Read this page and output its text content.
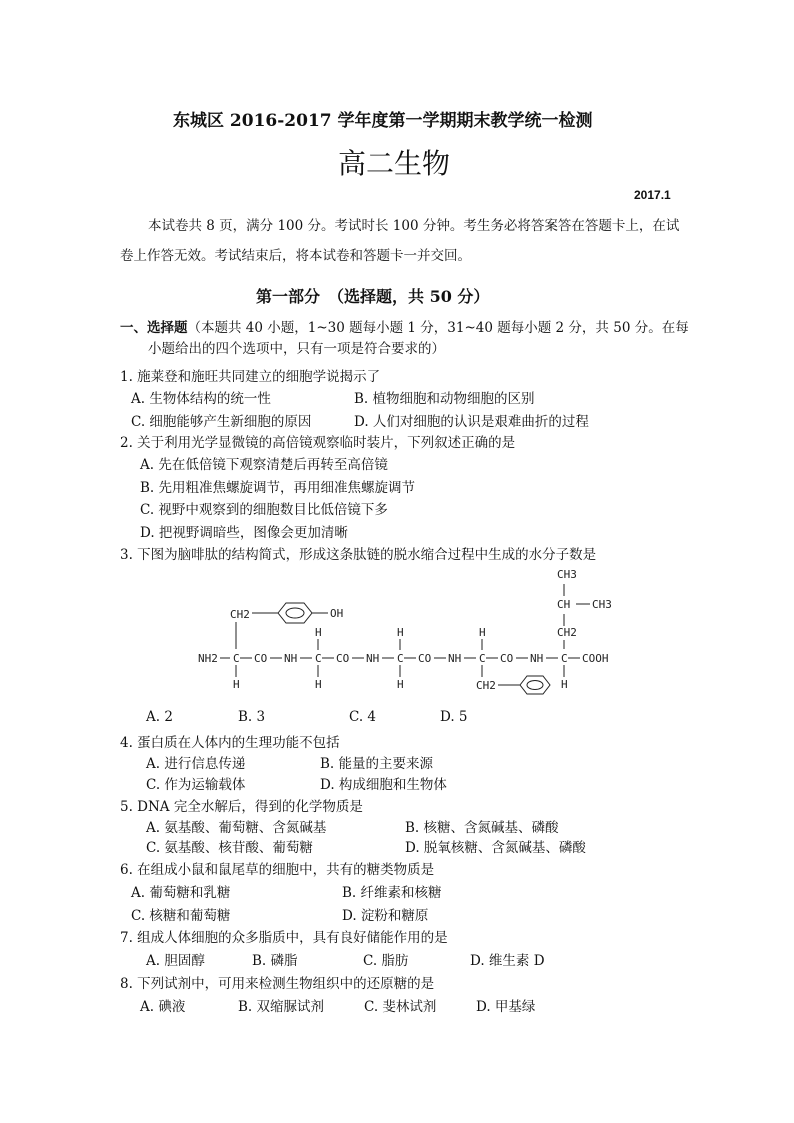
东城区 2016-2017 学年度第一学期期末教学统一检测
高二生物
2017.1
本试卷共 8 页，满分 100 分。考试时长 100 分钟。考生务必将答案答在答题卡上，在试
卷上作答无效。考试结束后，将本试卷和答题卡一并交回。
第一部分　（选择题，共 50 分）
一、选择题（本题共 40 小题，1~30 题每小题 1 分，31~40 题每小题 2 分，共 50 分。在每
小题给出的四个选项中，只有一项是符合要求的）
1. 施莱登和施旺共同建立的细胞学说揭示了
A. 生物体结构的统一性	B. 植物细胞和动物细胞的区别
C. 细胞能够产生新细胞的原因	D. 人们对细胞的认识是艰难曲折的过程
2. 关于利用光学显微镜的高倍镜观察临时装片，下列叙述正确的是
A. 先在低倍镜下观察清楚后再转至高倍镜
B. 先用粗准焦螺旋调节，再用细准焦螺旋调节
C. 视野中观察到的细胞数目比低倍镜下多
D. 把视野调暗些，图像会更加清晰
3. 下图为脑啡肽的结构简式，形成这条肽链的脱水缩合过程中生成的水分子数是
NH2 C CO NH C CO NH C CO NH C CO NH C COOH
H
CH2	OH
H
H
H
H
H
CH2	H
CH2
CH CH3
CH3
A. 2	B. 3	C. 4	D. 5
4. 蛋白质在人体内的生理功能不包括
A. 进行信息传递	B. 能量的主要来源
C. 作为运输载体	D. 构成细胞和生物体
5. DNA 完全水解后，得到的化学物质是
A. 氨基酸、葡萄糖、含氮碱基	B. 核糖、含氮碱基、磷酸
C. 氨基酸、核苷酸、葡萄糖	D. 脱氧核糖、含氮碱基、磷酸
6. 在组成小鼠和鼠尾草的细胞中，共有的糖类物质是
A. 葡萄糖和乳糖	B. 纤维素和核糖
C. 核糖和葡萄糖	D. 淀粉和糖原
7. 组成人体细胞的众多脂质中，具有良好储能作用的是
A. 胆固醇	B. 磷脂	C. 脂肪	D. 维生素 D
8. 下列试剂中，可用来检测生物组织中的还原糖的是
A. 碘液	B. 双缩脲试剂	C. 斐林试剂	D. 甲基绿
